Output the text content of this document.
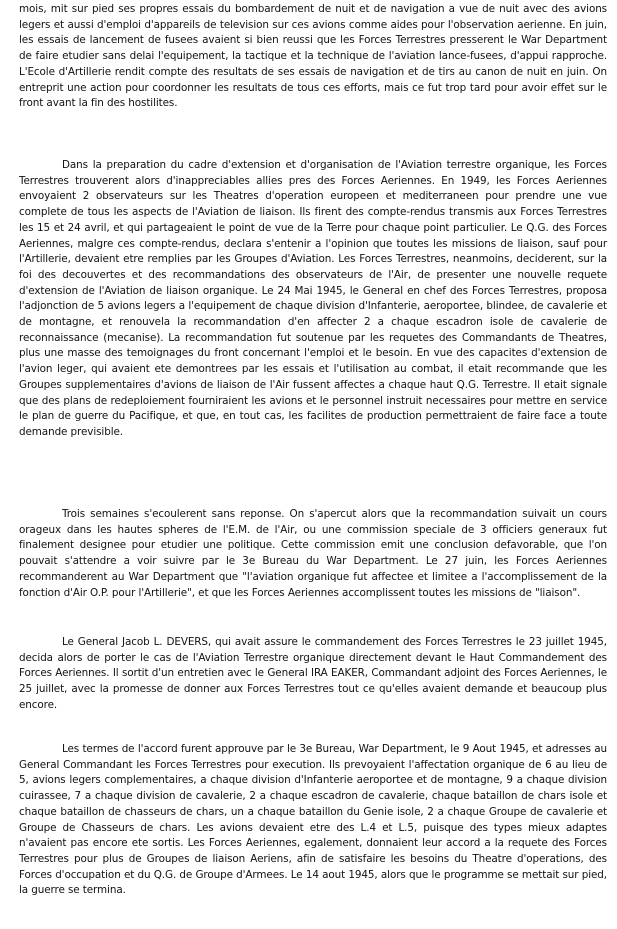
mois, mit sur pied ses propres essais du bombardement de nuit et de navigation a vue de nuit avec des avions legers et aussi d'emploi d'appareils de television sur ces avions comme aides pour l'observation aerienne. En juin, les essais de lancement de fusees avaient si bien reussi que les Forces Terrestres presserent le War Department de faire etudier sans delai l'equipement, la tactique et la technique de l'aviation lance-fusees, d'appui rapproche. L'Ecole d'Artillerie rendit compte des resultats de ses essais de navigation et de tirs au canon de nuit en juin. On entreprit une action pour coordonner les resultats de tous ces efforts, mais ce fut trop tard pour avoir effet sur le front avant la fin des hostilites.

Dans la preparation du cadre d'extension et d'organisation de l'Aviation terrestre organique, les Forces Terrestres trouverent alors d'inappreciables allies pres des Forces Aeriennes. En 1949, les Forces Aeriennes envoyaient 2 observateurs sur les Theatres d'operation europeen et mediterraneen pour prendre une vue complete de tous les aspects de l'Aviation de liaison. Ils firent des compte-rendus transmis aux Forces Terrestres les 15 et 24 avril, et qui partageaient le point de vue de la Terre pour chaque point particulier. Le Q.G. des Forces Aeriennes, malgre ces compte-rendus, declara s'entenir a l'opinion que toutes les missions de liaison, sauf pour l'Artillerie, devaient etre remplies par les Groupes d'Aviation. Les Forces Terrestres, neanmoins, deciderent, sur la foi des decouvertes et des recommandations des observateurs de l'Air, de presenter une nouvelle requete d'extension de l'Aviation de liaison organique. Le 24 Mai 1945, le General en chef des Forces Terrestres, proposa l'adjonction de 5 avions legers a l'equipement de chaque division d'Infanterie, aeroportee, blindee, de cavalerie et de montagne, et renouvela la recommandation d'en affecter 2 a chaque escadron isole de cavalerie de reconnaissance (mecanise). La recommandation fut soutenue par les requetes des Commandants de Theatres, plus une masse des temoignages du front concernant l'emploi et le besoin. En vue des capacites d'extension de l'avion leger, qui avaient ete demontrees par les essais et l'utilisation au combat, il etait recommande que les Groupes supplementaires d'avions de liaison de l'Air fussent affectes a chaque haut Q.G. Terrestre. Il etait signale que des plans de redeploiement fourniraient les avions et le personnel instruit necessaires pour mettre en service le plan de guerre du Pacifique, et que, en tout cas, les facilites de production permettraient de faire face a toute demande previsible.

Trois semaines s'ecoulerent sans reponse. On s'apercut alors que la recommandation suivait un cours orageux dans les hautes spheres de l'E.M. de l'Air, ou une commission speciale de 3 officiers generaux fut finalement designee pour etudier une politique. Cette commission emit une conclusion defavorable, que l'on pouvait s'attendre a voir suivre par le 3e Bureau du War Department. Le 27 juin, les Forces Aeriennes recommanderent au War Department que "l'aviation organique fut affectee et limitee a l'accomplissement de la fonction d'Air O.P. pour l'Artillerie", et que les Forces Aeriennes accomplissent toutes les missions de "liaison".

Le General Jacob L. DEVERS, qui avait assure le commandement des Forces Terrestres le 23 juillet 1945, decida alors de porter le cas de l'Aviation Terrestre organique directement devant le Haut Commandement des Forces Aeriennes. Il sortit d'un entretien avec le General IRA EAKER, Commandant adjoint des Forces Aeriennes, le 25 juillet, avec la promesse de donner aux Forces Terrestres tout ce qu'elles avaient demande et beaucoup plus encore.

Les termes de l'accord furent approuve par le 3e Bureau, War Department, le 9 Aout 1945, et adresses au General Commandant les Forces Terrestres pour execution. Ils prevoyaient l'affectation organique de 6 au lieu de 5, avions legers complementaires, a chaque division d'Infanterie aeroportee et de montagne, 9 a chaque division cuirassee, 7 a chaque division de cavalerie, 2 a chaque escadron de cavalerie, chaque bataillon de chars isole et chaque bataillon de chasseurs de chars, un a chaque bataillon du Genie isole, 2 a chaque Groupe de cavalerie et Groupe de Chasseurs de chars. Les avions devaient etre des L.4 et L.5, puisque des types mieux adaptes n'avaient pas encore ete sortis. Les Forces Aeriennes, egalement, donnaient leur accord a la requete des Forces Terrestres pour plus de Groupes de liaison Aeriens, afin de satisfaire les besoins du Theatre d'operations, des Forces d'occupation et du Q.G. de Groupe d'Armees. Le 14 aout 1945, alors que le programme se mettait sur pied, la guerre se termina.
